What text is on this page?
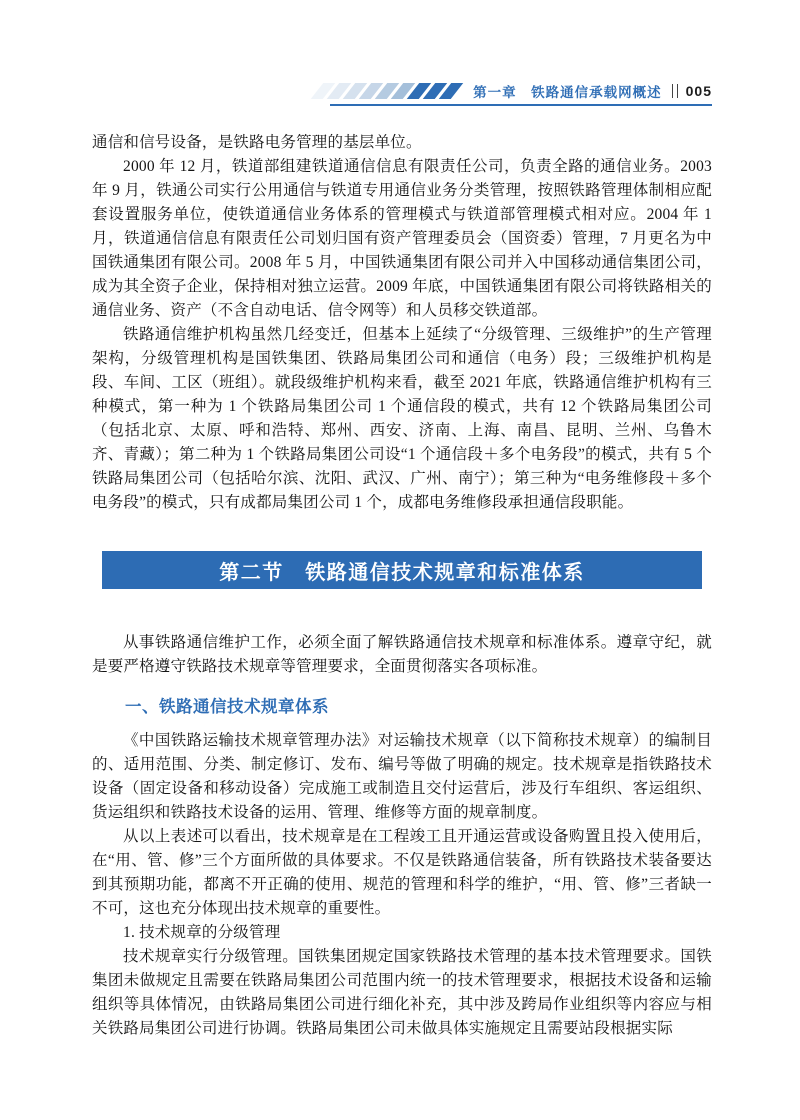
第一章　铁路通信承载网概述 005

通信和信号设备，是铁路电务管理的基层单位。

2000 年 12 月，铁道部组建铁道通信信息有限责任公司，负责全路的通信业务。2003 年 9 月，铁通公司实行公用通信与铁道专用通信业务分类管理，按照铁路管理体制相应配套设置服务单位，使铁道通信业务体系的管理模式与铁道部管理模式相对应。2004 年 1 月，铁道通信信息有限责任公司划归国有资产管理委员会（国资委）管理，7 月更名为中国铁通集团有限公司。2008 年 5 月，中国铁通集团有限公司并入中国移动通信集团公司，成为其全资子企业，保持相对独立运营。2009 年底，中国铁通集团有限公司将铁路相关的通信业务、资产（不含自动电话、信令网等）和人员移交铁道部。

铁路通信维护机构虽然几经变迁，但基本上延续了“分级管理、三级维护”的生产管理架构，分级管理机构是国铁集团、铁路局集团公司和通信（电务）段；三级维护机构是段、车间、工区（班组）。就段级维护机构来看，截至 2021 年底，铁路通信维护机构有三种模式，第一种为 1 个铁路局集团公司 1 个通信段的模式，共有 12 个铁路局集团公司（包括北京、太原、呼和浩特、郑州、西安、济南、上海、南昌、昆明、兰州、乌鲁木齐、青藏）；第二种为 1 个铁路局集团公司设“1 个通信段＋多个电务段”的模式，共有 5 个铁路局集团公司（包括哈尔滨、沈阳、武汉、广州、南宁）；第三种为“电务维修段＋多个电务段”的模式，只有成都局集团公司 1 个，成都电务维修段承担通信段职能。

第二节　铁路通信技术规章和标准体系

从事铁路通信维护工作，必须全面了解铁路通信技术规章和标准体系。遵章守纪，就是要严格遵守铁路技术规章等管理要求，全面贯彻落实各项标准。

一、铁路通信技术规章体系

《中国铁路运输技术规章管理办法》对运输技术规章（以下简称技术规章）的编制目的、适用范围、分类、制定修订、发布、编号等做了明确的规定。技术规章是指铁路技术设备（固定设备和移动设备）完成施工或制造且交付运营后，涉及行车组织、客运组织、货运组织和铁路技术设备的运用、管理、维修等方面的规章制度。

从以上表述可以看出，技术规章是在工程竣工且开通运营或设备购置且投入使用后，在“用、管、修”三个方面所做的具体要求。不仅是铁路通信装备，所有铁路技术装备要达到其预期功能，都离不开正确的使用、规范的管理和科学的维护，“用、管、修”三者缺一不可，这也充分体现出技术规章的重要性。

1. 技术规章的分级管理

技术规章实行分级管理。国铁集团规定国家铁路技术管理的基本技术管理要求。国铁集团未做规定且需要在铁路局集团公司范围内统一的技术管理要求，根据技术设备和运输组织等具体情况，由铁路局集团公司进行细化补充，其中涉及跨局作业组织等内容应与相关铁路局集团公司进行协调。铁路局集团公司未做具体实施规定且需要站段根据实际
